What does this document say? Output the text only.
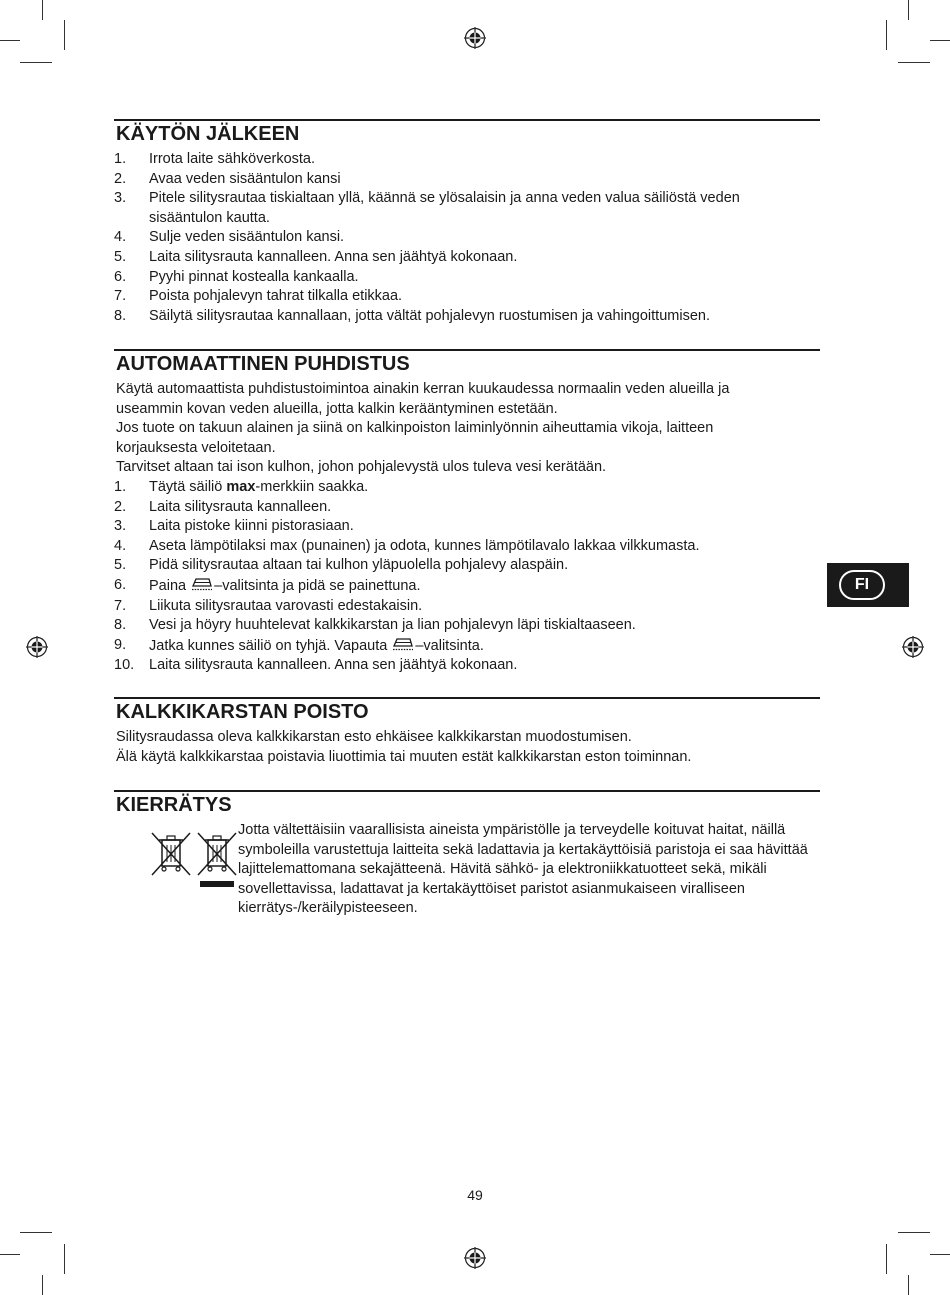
KÄYTÖN JÄLKEEN
1. Irrota laite sähköverkosta.
2. Avaa veden sisääntulon kansi
3. Pitele silitysrautaa tiskialtaan yllä, käännä se ylösalaisin ja anna veden valua säiliöstä veden sisääntulon kautta.
4. Sulje veden sisääntulon kansi.
5. Laita silitysrauta kannalleen. Anna sen jäähtyä kokonaan.
6. Pyyhi pinnat kostealla kankaalla.
7. Poista pohjalevyn tahrat tilkalla etikkaa.
8. Säilytä silitysrautaa kannallaan, jotta vältät pohjalevyn ruostumisen ja vahingoittumisen.
AUTOMAATTINEN PUHDISTUS

Käytä automaattista puhdistustoimintoa ainakin kerran kuukaudessa normaalin veden alueilla ja useammin kovan veden alueilla, jotta kalkin kerääntyminen estetään.

Jos tuote on takuun alainen ja siinä on kalkinpoiston laiminlyönnin aiheuttamia vikoja, laitteen korjauksesta veloitetaan.

Tarvitset altaan tai ison kulhon, johon pohjalevystä ulos tuleva vesi kerätään.

1. Täytä säiliö max-merkkiin saakka.
2. Laita silitysrauta kannalleen.
3. Laita pistoke kiinni pistorasiaan.
4. Aseta lämpötilaksi max (punainen) ja odota, kunnes lämpötilavalo lakkaa vilkkumasta.
5. Pidä silitysrautaa altaan tai kulhon yläpuolella pohjalevy alaspäin.
6. Paina –valitsinta ja pidä se painettuna.
7. Liikuta silitysrautaa varovasti edestakaisin.
8. Vesi ja höyry huuhtelevat kalkkikarstan ja lian pohjalevyn läpi tiskialtaaseen.
9. Jatka kunnes säiliö on tyhjä. Vapauta –valitsinta.
10. Laita silitysrauta kannalleen. Anna sen jäähtyä kokonaan.
KALKKIKARSTAN POISTO

Silitysraudassa oleva kalkkikarstan esto ehkäisee kalkkikarstan muodostumisen.

Älä käytä kalkkikarstaa poistavia liuottimia tai muuten estät kalkkikarstan eston toiminnan.

KIERRÄTYS

Jotta vältettäisiin vaarallisista aineista ympäristölle ja terveydelle koituvat haitat, näillä symboleilla varustettuja laitteita sekä ladattavia ja kertakäyttöisiä paristoja ei saa hävittää lajittelemattomana sekajätteenä. Hävitä sähkö- ja elektroniikkatuotteet sekä, mikäli sovellettavissa, ladattavat ja kertakäyttöiset paristot asianmukaiseen viralliseen kierrätys-/keräilypisteeseen.

FI
49
